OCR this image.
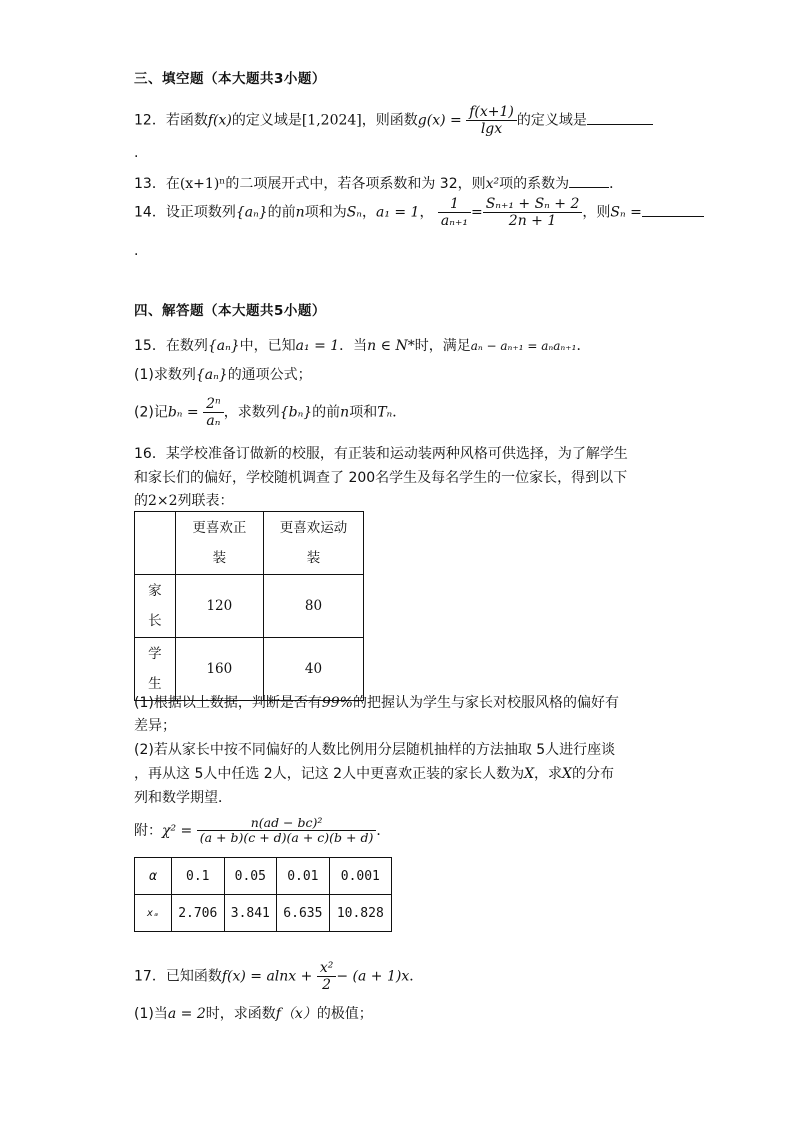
三、填空题（本大题共3小题）
12．若函数f(x)的定义域是[1,2024]，则函数$g(x) = \frac{f(x+1)}{\lg x}$ 的定义域是
.
13．在(x+1)ⁿ的二项展开式中，若各项系数和为 32，则x²项的系数为	．
14．设正项数列{aₙ}的前n项和为Sₙ，a₁ = 1， $\frac{1}{\text{aₙ₊₁}} = \frac{\text{Sₙ₊₁ + Sₙ + 2}}{2n + 1}$ ，则Sₙ =
.
四、解答题（本大题共5小题）
15．在数列{aₙ}中，已知a₁ = 1．当n ∈ N*时，满足aₙ − aₙ₊₁ = aₙaₙ₊₁．
(1)求数列{aₙ}的通项公式；
(2)记$b_n = \frac{\text{2ⁿ}}{\text{aₙ}}$ ，求数列{bₙ}的前n项和Tₙ．
16．某学校准备订做新的校服，有正装和运动装两种风格可供选择，为了解学生
和家长们的偏好，学校随机调查了 200名学生及每名学生的一位家长，得到以下
的2×2列联表：
	更喜欢正
装	更喜欢运动
装
家
长	120	80
学
生	160	40
(1)根据以上数据，判断是否有99%的把握认为学生与家长对校服风格的偏好有
差异；
(2)若从家长中按不同偏好的人数比例用分层随机抽样的方法抽取 5人进行座谈
，再从这 5人中任选 2人，记这 2人中更喜欢正装的家长人数为X，求X的分布
列和数学期望．
附：$\chi^2 = \frac{\text{n(ad − bc)²}}{(a + b)(c + d)(a + c)(b + d)}$ ．
α	0.1	0.05	0.01	0.001
xₐ	2.706	3.841	6.635	10.828
17．已知函数$f(x) = alnx + \frac{\text{x²}}{2} - (a + 1)x$．
(1)当a = 2时，求函数f（x）的极值；
